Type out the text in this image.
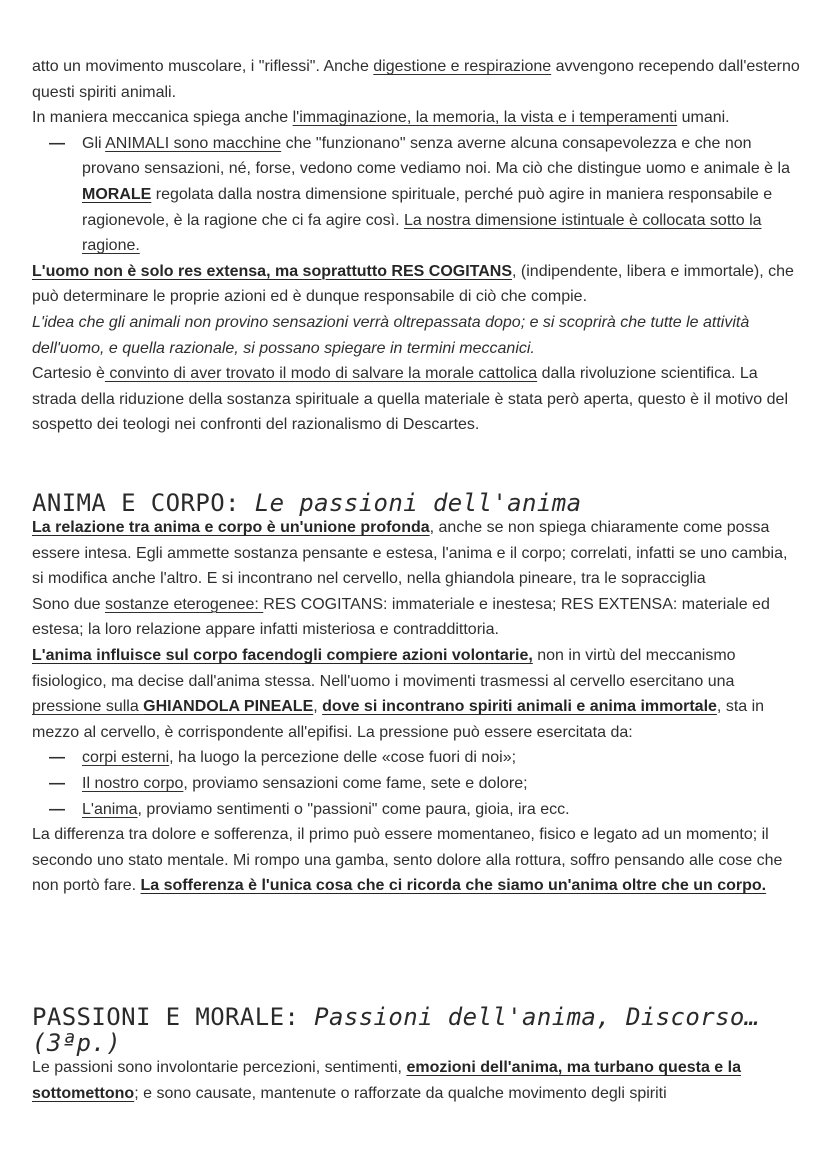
atto un movimento muscolare, i "riflessi". Anche digestione e respirazione avvengono recependo dall'esterno questi spiriti animali.

In maniera meccanica spiega anche l'immaginazione, la memoria, la vista e i temperamenti umani.

— Gli ANIMALI sono macchine che "funzionano" senza averne alcuna consapevolezza e che non provano sensazioni, né, forse, vedono come vediamo noi. Ma ciò che distingue uomo e animale è la MORALE regolata dalla nostra dimensione spirituale, perché può agire in maniera responsabile e ragionevole, è la ragione che ci fa agire così. La nostra dimensione istintuale è collocata sotto la ragione.

L'uomo non è solo res extensa, ma soprattutto RES COGITANS, (indipendente, libera e immortale), che può determinare le proprie azioni ed è dunque responsabile di ciò che compie.

L'idea che gli animali non provino sensazioni verrà oltrepassata dopo; e si scoprirà che tutte le attività dell'uomo, e quella razionale, si possano spiegare in termini meccanici.

Cartesio è convinto di aver trovato il modo di salvare la morale cattolica dalla rivoluzione scientifica. La strada della riduzione della sostanza spirituale a quella materiale è stata però aperta, questo è il motivo del sospetto dei teologi nei confronti del razionalismo di Descartes.

ANIMA E CORPO: Le passioni dell'anima

La relazione tra anima e corpo è un'unione profonda, anche se non spiega chiaramente come possa essere intesa. Egli ammette sostanza pensante e estesa, l'anima e il corpo; correlati, infatti se uno cambia, si modifica anche l'altro. E si incontrano nel cervello, nella ghiandola pineare, tra le sopracciglia

Sono due sostanze eterogenee: RES COGITANS: immateriale e inestesa; RES EXTENSA: materiale ed estesa; la loro relazione appare infatti misteriosa e contraddittoria.

L'anima influisce sul corpo facendogli compiere azioni volontarie, non in virtù del meccanismo fisiologico, ma decise dall'anima stessa. Nell'uomo i movimenti trasmessi al cervello esercitano una pressione sulla GHIANDOLA PINEALE, dove si incontrano spiriti animali e anima immortale, sta in mezzo al cervello, è corrispondente all'epifisi. La pressione può essere esercitata da:

— corpi esterni, ha luogo la percezione delle «cose fuori di noi»;
— Il nostro corpo, proviamo sensazioni come fame, sete e dolore;
— L'anima, proviamo sentimenti o "passioni" come paura, gioia, ira ecc.

La differenza tra dolore e sofferenza, il primo può essere momentaneo, fisico e legato ad un momento; il secondo uno stato mentale. Mi rompo una gamba, sento dolore alla rottura, soffro pensando alle cose che non portò fare. La sofferenza è l'unica cosa che ci ricorda che siamo un'anima oltre che un corpo.

PASSIONI E MORALE: Passioni dell'anima, Discorso… (3ªp.)

Le passioni sono involontarie percezioni, sentimenti, emozioni dell'anima, ma turbano questa e la sottomettono; e sono causate, mantenute o rafforzate da qualche movimento degli spiriti
